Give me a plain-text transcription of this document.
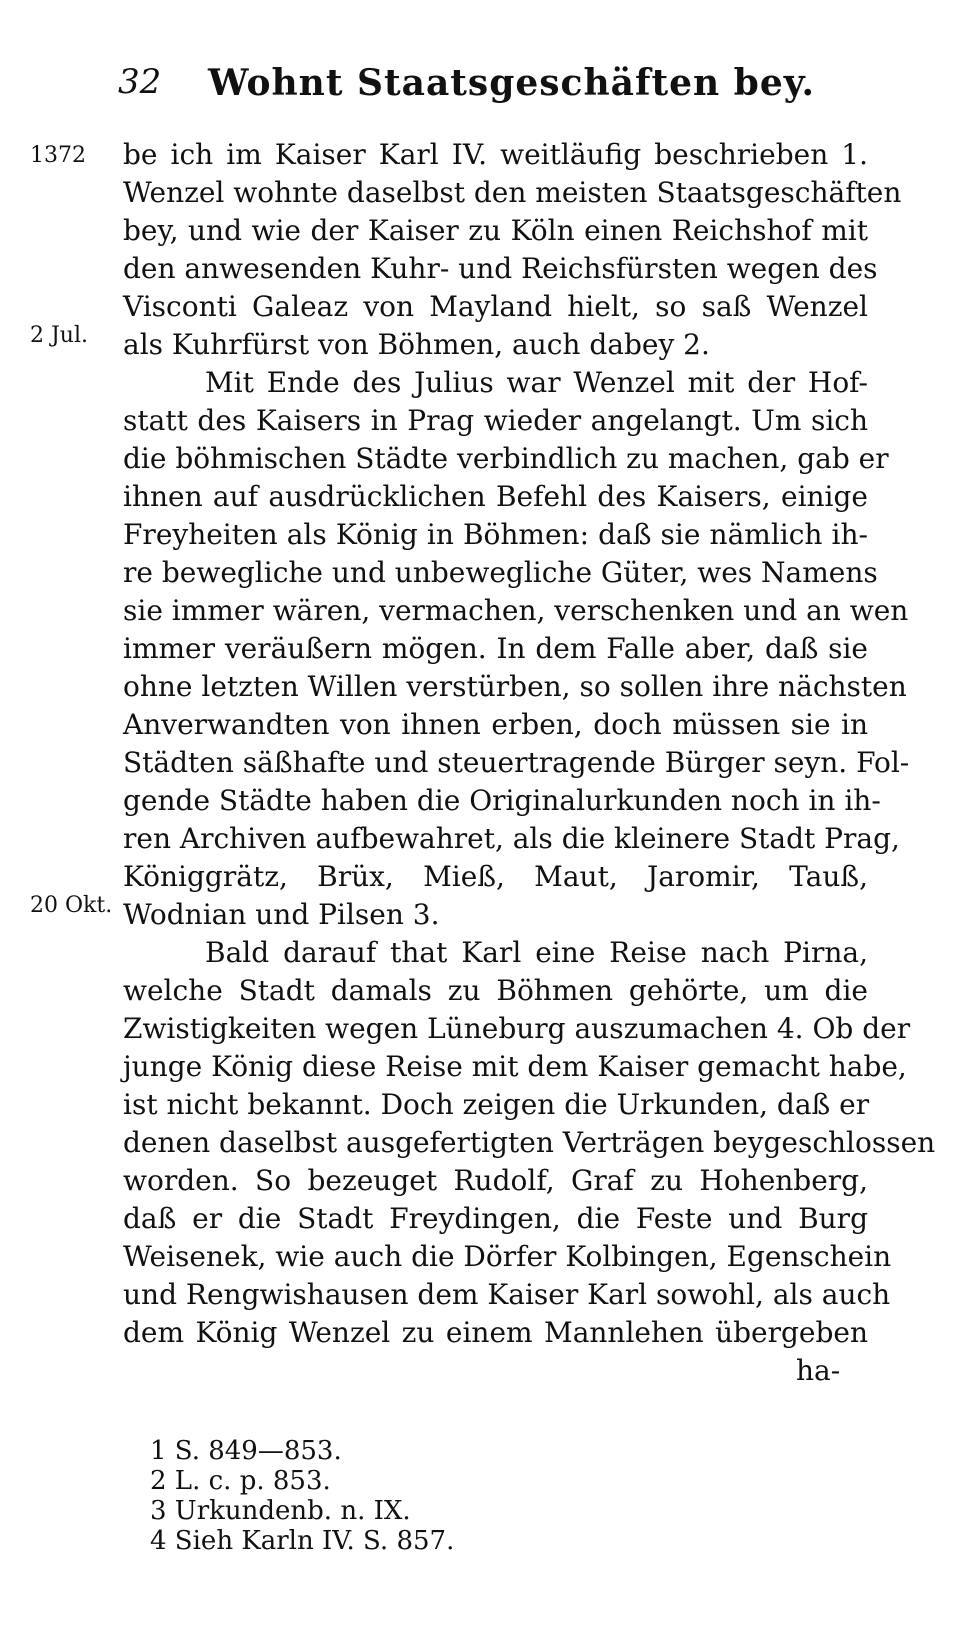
32 Wohnt Staatsgeschäften bey.
1372
2 Jul.
20 Okt.
be ich im Kaiser Karl IV. weitläufig beschrieben 1.
Wenzel wohnte daselbst den meisten Staatsgeschäften
bey, und wie der Kaiser zu Köln einen Reichshof mit
den anwesenden Kuhr- und Reichsfürsten wegen des
Visconti Galeaz von Mayland hielt, so saß Wenzel
als Kuhrfürst von Böhmen, auch dabey 2.
Mit Ende des Julius war Wenzel mit der Hof-
statt des Kaisers in Prag wieder angelangt. Um sich
die böhmischen Städte verbindlich zu machen, gab er
ihnen auf ausdrücklichen Befehl des Kaisers, einige
Freyheiten als König in Böhmen: daß sie nämlich ih-
re bewegliche und unbewegliche Güter, wes Namens
sie immer wären, vermachen, verschenken und an wen
immer veräußern mögen. In dem Falle aber, daß sie
ohne letzten Willen verstürben, so sollen ihre nächsten
Anverwandten von ihnen erben, doch müssen sie in
Städten säßhafte und steuertragende Bürger seyn. Fol-
gende Städte haben die Originalurkunden noch in ih-
ren Archiven aufbewahret, als die kleinere Stadt Prag,
Königgrätz, Brüx, Mieß, Maut, Jaromir, Tauß,
Wodnian und Pilsen 3.
Bald darauf that Karl eine Reise nach Pirna,
welche Stadt damals zu Böhmen gehörte, um die
Zwistigkeiten wegen Lüneburg auszumachen 4. Ob der
junge König diese Reise mit dem Kaiser gemacht habe,
ist nicht bekannt. Doch zeigen die Urkunden, daß er
denen daselbst ausgefertigten Verträgen beygeschlossen
worden. So bezeuget Rudolf, Graf zu Hohenberg,
daß er die Stadt Freydingen, die Feste und Burg
Weisenek, wie auch die Dörfer Kolbingen, Egenschein
und Rengwishausen dem Kaiser Karl sowohl, als auch
dem König Wenzel zu einem Mannlehen übergeben
ha-
1 S. 849—853.
2 L. c. p. 853.
3 Urkundenb. n. IX.
4 Sieh Karln IV. S. 857.
